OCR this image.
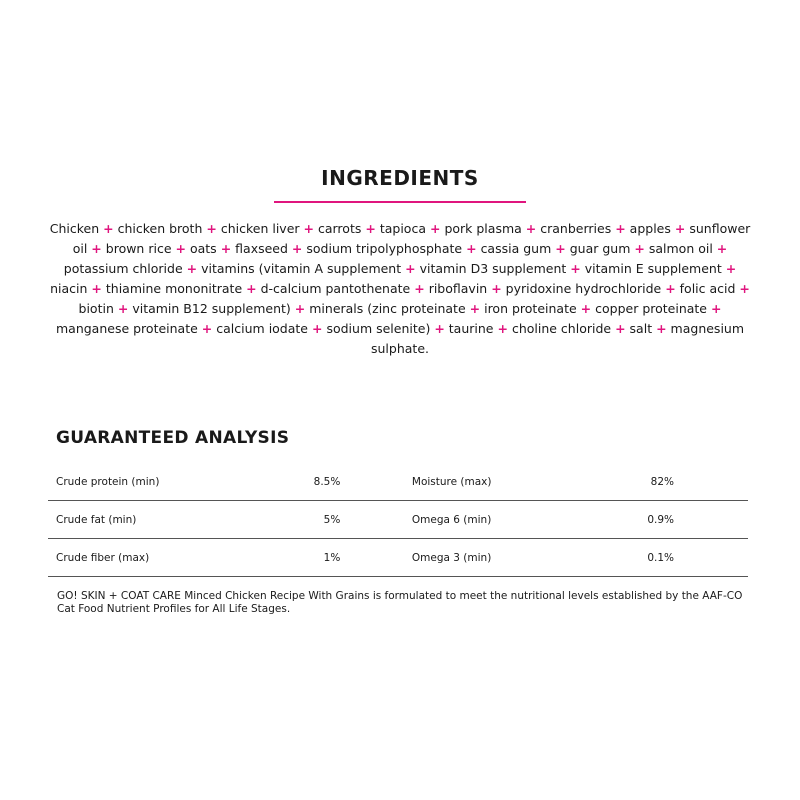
INGREDIENTS
Chicken + chicken broth + chicken liver + carrots + tapioca + pork plasma + cranberries + apples + sunflower oil + brown rice + oats + flaxseed + sodium tripolyphosphate + cassia gum + guar gum + salmon oil + potassium chloride + vitamins (vitamin A supplement + vitamin D3 supplement + vitamin E supplement + niacin + thiamine mononitrate + d-calcium pantothenate + riboflavin + pyridoxine hydrochloride + folic acid + biotin + vitamin B12 supplement) + minerals (zinc proteinate + iron proteinate + copper proteinate + manganese proteinate + calcium iodate + sodium selenite) + taurine + choline chloride + salt + magnesium sulphate.
GUARANTEED ANALYSIS
Crude protein (min)	8.5%		Moisture (max)	82%
Crude fat (min)	5%		Omega 6 (min)	0.9%
Crude fiber (max)	1%		Omega 3 (min)	0.1%
GO! SKIN + COAT CARE Minced Chicken Recipe With Grains is formulated to meet the nutritional levels established by the AAF-CO Cat Food Nutrient Profiles for All Life Stages.
